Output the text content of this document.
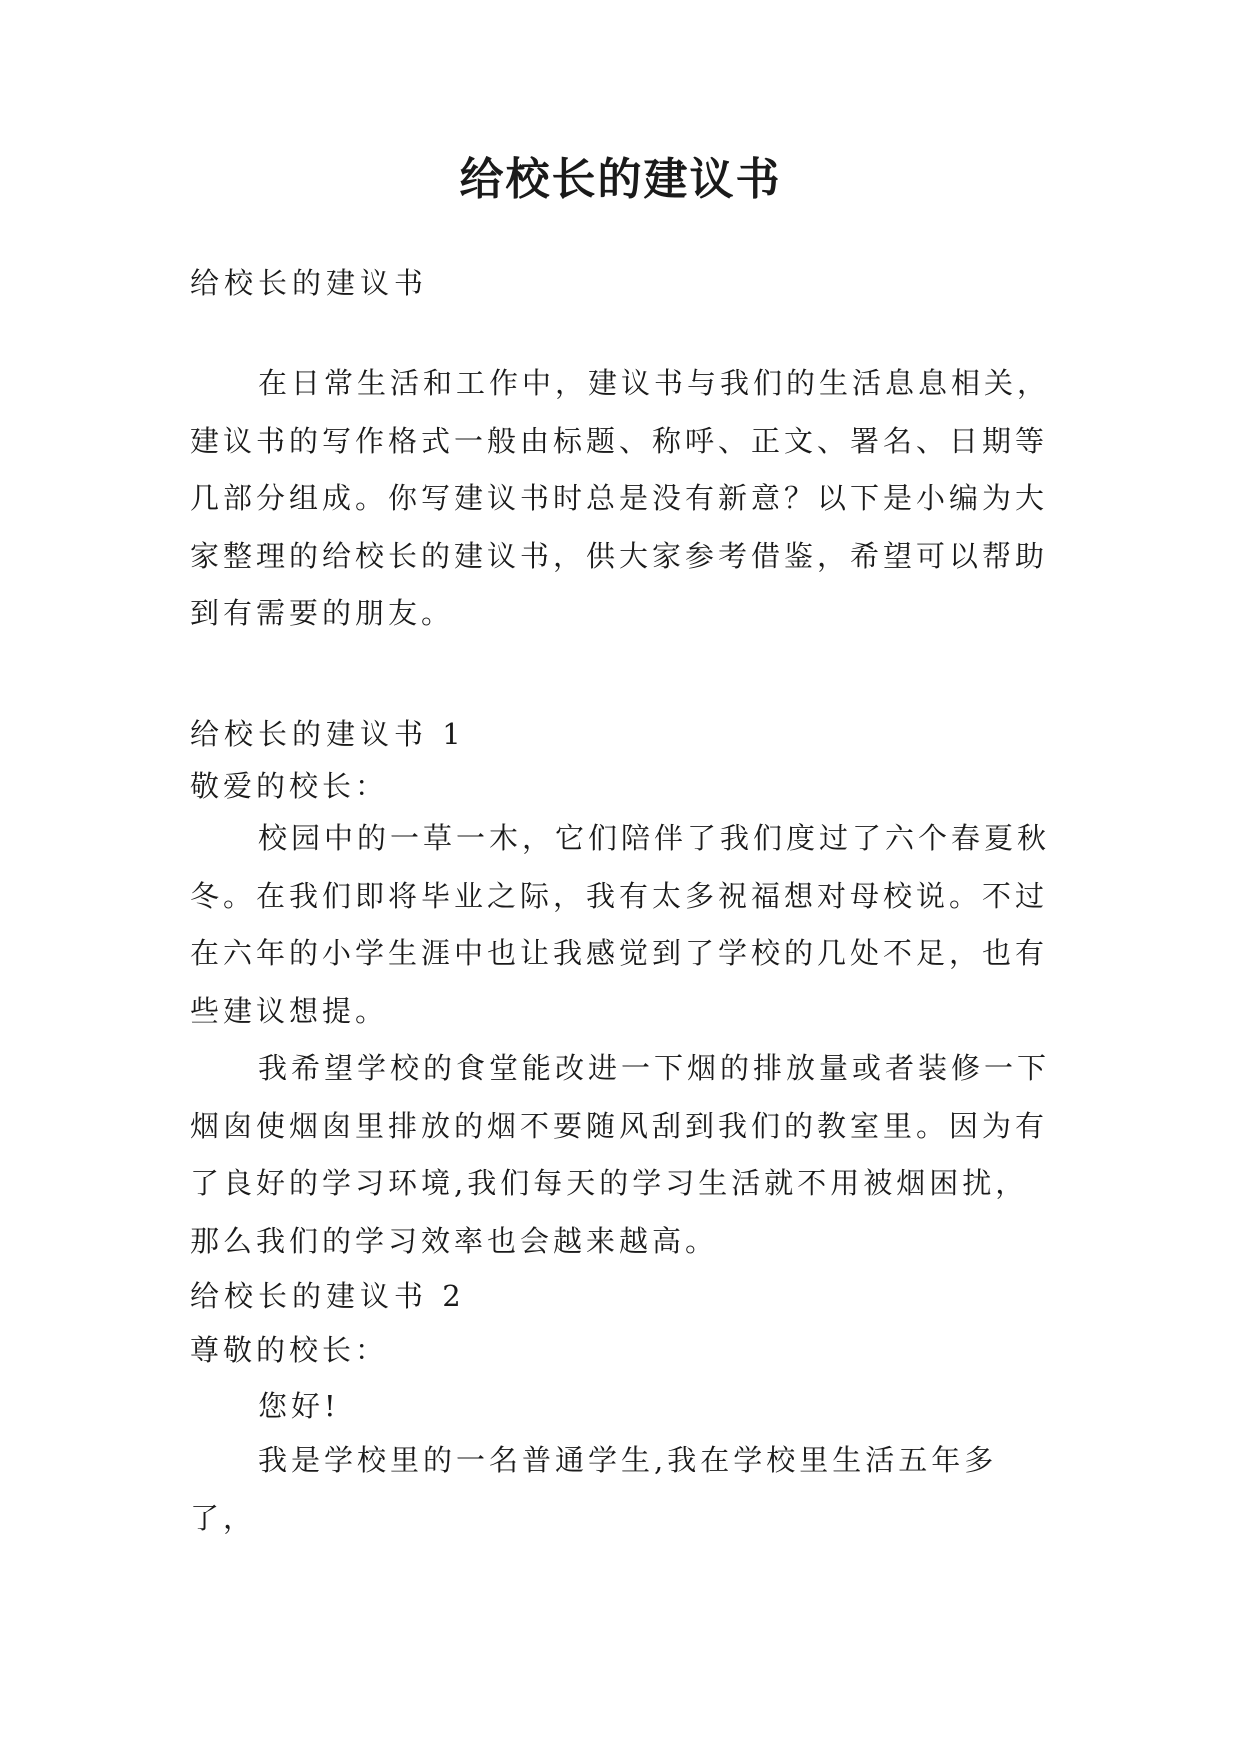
给校长的建议书

给校长的建议书

在日常生活和工作中，建议书与我们的生活息息相关，建议书的写作格式一般由标题、称呼、正文、署名、日期等几部分组成。你写建议书时总是没有新意？以下是小编为大家整理的给校长的建议书，供大家参考借鉴，希望可以帮助到有需要的朋友。

给校长的建议书 1

敬爱的校长：

校园中的一草一木，它们陪伴了我们度过了六个春夏秋冬。在我们即将毕业之际，我有太多祝福想对母校说。不过在六年的小学生涯中也让我感觉到了学校的几处不足，也有些建议想提。

我希望学校的食堂能改进一下烟的排放量或者装修一下烟囱使烟囱里排放的烟不要随风刮到我们的教室里。因为有了良好的学习环境,我们每天的学习生活就不用被烟困扰，那么我们的学习效率也会越来越高。

给校长的建议书 2

尊敬的校长：

您好!

我是学校里的一名普通学生,我在学校里生活五年多了，
